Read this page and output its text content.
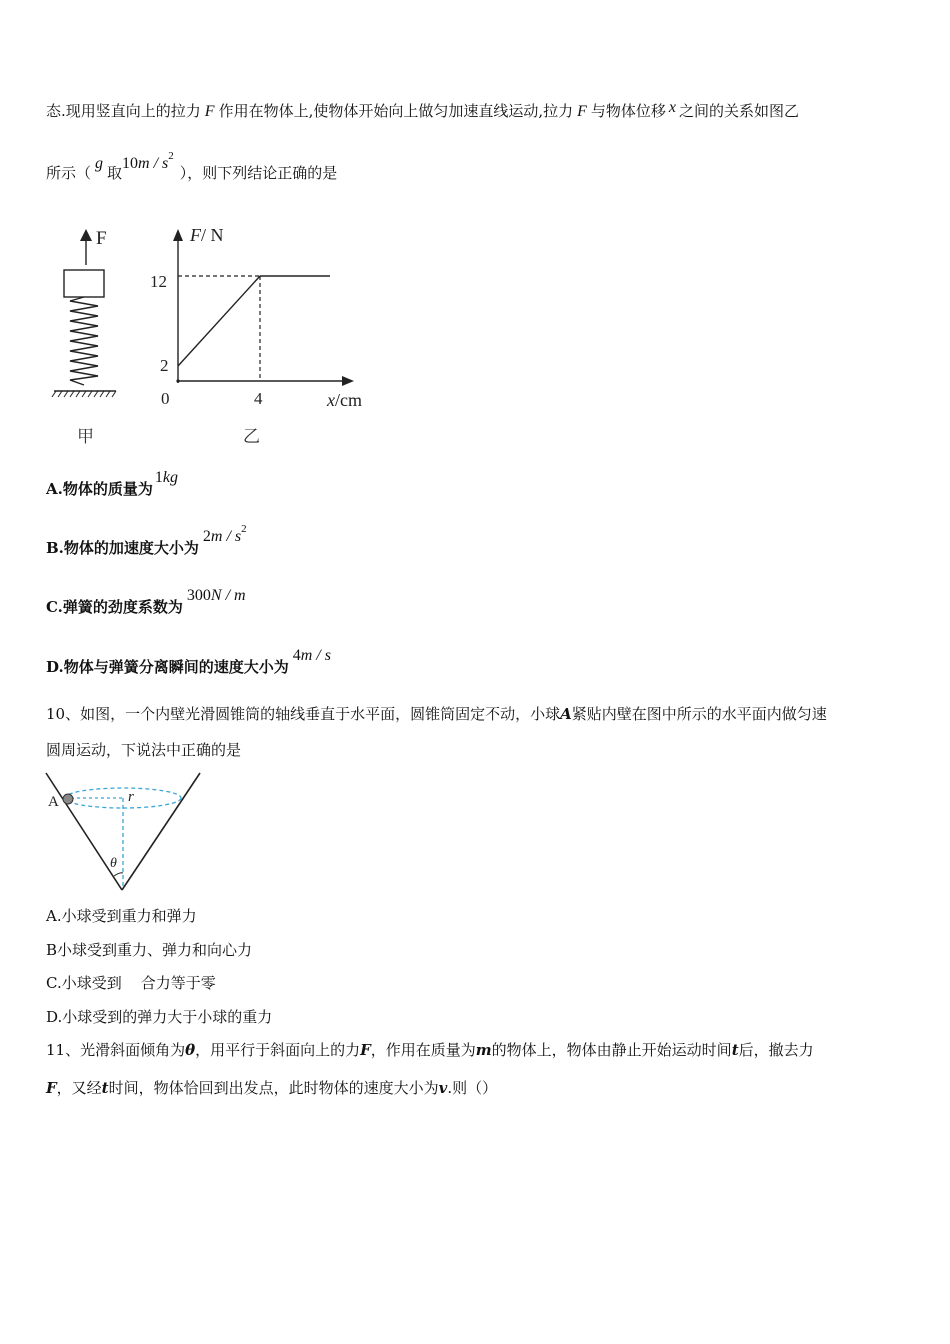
态.现用竖直向上的拉力 F 作用在物体上,使物体开始向上做匀加速直线运动,拉力 F 与物体位移 x 之间的关系如图乙
所示（g取$10m / s^2$），则下列结论正确的是
F
甲
F/ N
12
2
0	4	x/cm
乙
A.物体的质量为1kg
B.物体的加速度大小为$2m / s^2$
C.弹簧的劲度系数为300N / m
D.物体与弹簧分离瞬间的速度大小为4m / s
10、如图，一个内壁光滑圆锥筒的轴线垂直于水平面，圆锥筒固定不动，小球A紧贴内壁在图中所示的水平面内做匀速
圆周运动，下说法中正确的是
A	r
θ
A.小球受到重力和弹力
B小球受到重力、弹力和向心力
C.小球受到    合力等于零
D.小球受到的弹力大于小球的重力
11、光滑斜面倾角为θ，用平行于斜面向上的力F，作用在质量为m的物体上，物体由静止开始运动时间t后，撤去力
F，又经t时间，物体恰回到出发点，此时物体的速度大小为v.则（）
